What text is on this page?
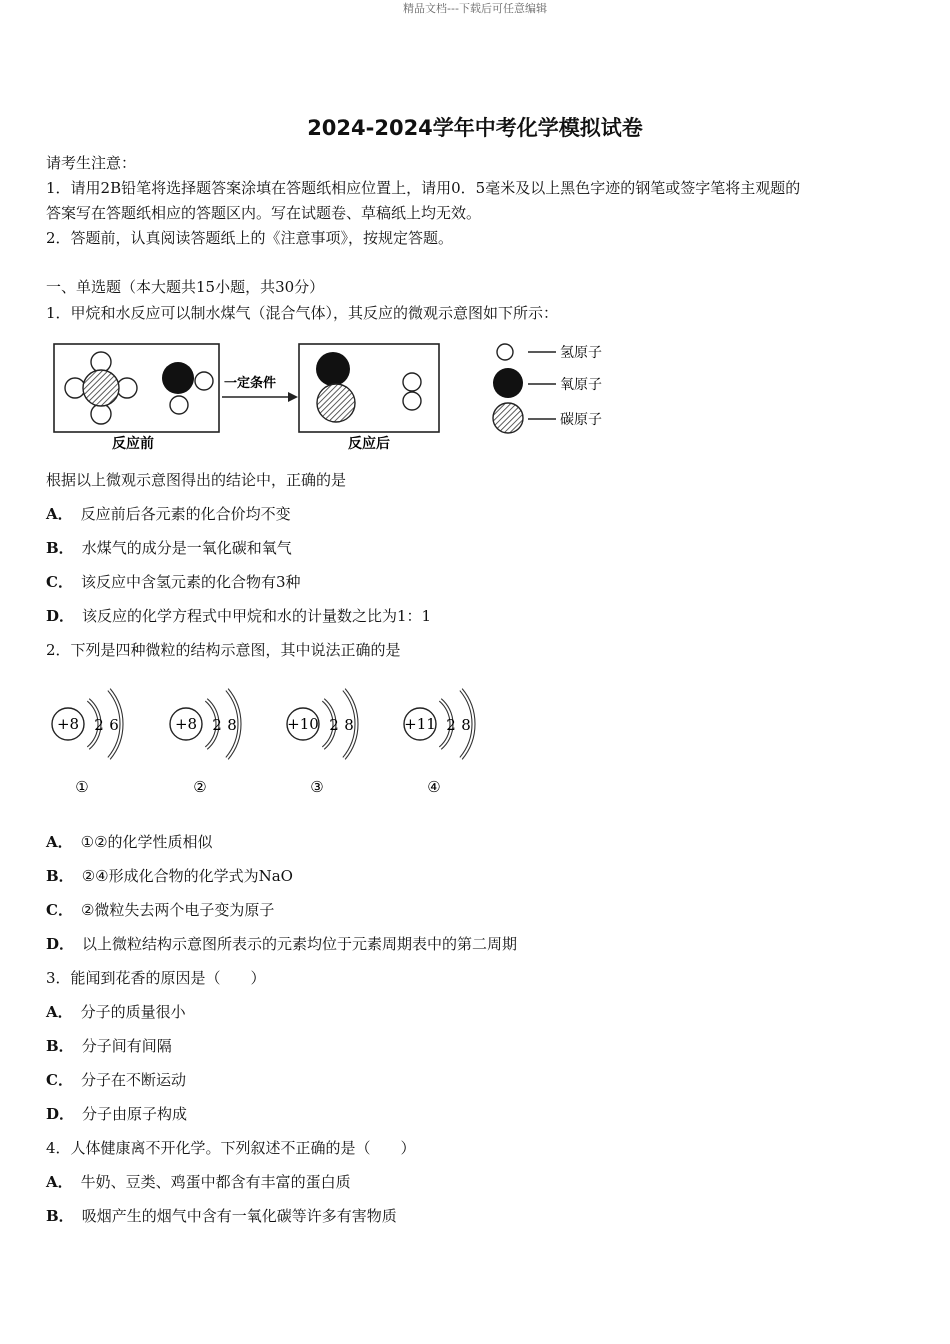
精品文档---下载后可任意编辑
2024-2024学年中考化学模拟试卷
请考生注意：
1．请用2B铅笔将选择题答案涂填在答题纸相应位置上，请用0．5毫米及以上黑色字迹的钢笔或签字笔将主观题的
答案写在答题纸相应的答题区内。写在试题卷、草稿纸上均无效。
2．答题前，认真阅读答题纸上的《注意事项》，按规定答题。
一、单选题（本大题共15小题，共30分）
1．甲烷和水反应可以制水煤气（混合气体），其反应的微观示意图如下所示：
一定条件
反应前	反应后
氢原子
氧原子
碳原子
根据以上微观示意图得出的结论中，正确的是
A． 反应前后各元素的化合价均不变
B． 水煤气的成分是一氧化碳和氧气
C． 该反应中含氢元素的化合物有3种
D． 该反应的化学方程式中甲烷和水的计量数之比为1：1
2．下列是四种微粒的结构示意图，其中说法正确的是
+8 2 6
①
+8 2 8
②
+10 2 8
③
+11 2 8
④
A． ①②的化学性质相似
B． ②④形成化合物的化学式为NaO
C． ②微粒失去两个电子变为原子
D． 以上微粒结构示意图所表示的元素均位于元素周期表中的第二周期
3．能闻到花香的原因是（　　）
A． 分子的质量很小
B． 分子间有间隔
C． 分子在不断运动
D． 分子由原子构成
4．人体健康离不开化学。下列叙述不正确的是（　　）
A． 牛奶、豆类、鸡蛋中都含有丰富的蛋白质
B． 吸烟产生的烟气中含有一氧化碳等许多有害物质
